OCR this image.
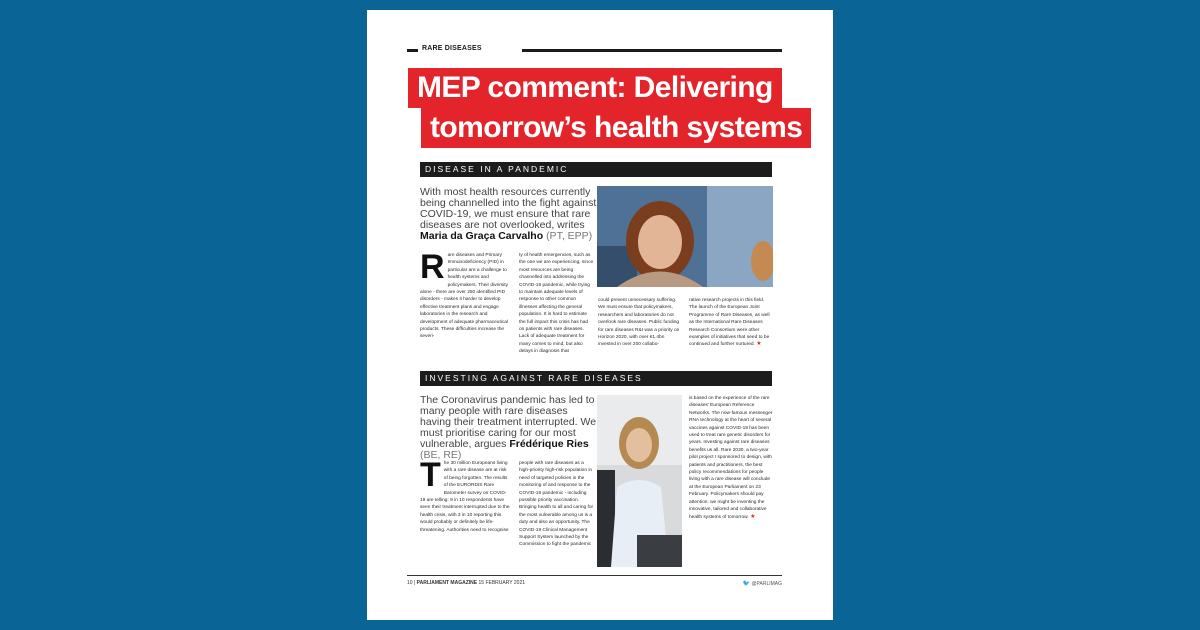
RARE DISEASES
MEP comment: Delivering
tomorrow’s health systems
DISEASE IN A PANDEMIC
With most health resources currently being channelled into the fight against COVID-19, we must ensure that rare diseases are not overlooked, writes Maria da Graça Carvalho (PT, EPP)
R are diseases and Primary Immunodeficiency (PID) in particular are a challenge to health systems and policymakers. Their diversity alone - there are over 250 identified PID disorders - makes it harder to develop effective treatment plans and engage laboratories in the research and development of adequate pharmaceutical products. These difficulties increase the severi-
ty of health emergencies, such as the one we are experiencing, since most resources are being channelled into addressing the COVID-19 pandemic, while trying to maintain adequate levels of response to other common illnesses affecting the general population. It is hard to estimate the full impact this crisis has had on patients with rare diseases. Lack of adequate treatment for many comes to mind, but also delays in diagnosis that
could prevent unnecessary suffering. We must ensure that policymakers, researchers and laboratories do not overlook rare diseases. Public funding for rare diseases R&I was a priority on Horizon 2020, with over €1.4bn invested in over 200 collabo-
rative research projects in this field. The launch of the European Joint Programme of Rare Diseases, as well as the International Rare Diseases Research Consortium were other examples of initiatives that need to be continued and further nurtured. ★
INVESTING AGAINST RARE DISEASES
The Coronavirus pandemic has led to many people with rare diseases having their treatment interrupted. We must prioritise caring for our most vulnerable, argues Frédérique Ries (BE, RE)
T he 30 million Europeans living with a rare disease are at risk of being forgotten. The results of the EURORDIS Rare Barometer survey on COVID-19 are telling: 9 in 10 respondents have seen their treatment interrupted due to the health crisis, with 3 in 10 reporting this would probably or definitely be life-threatening. Authorities need to recognise
people with rare diseases as a high-priority high-risk population in need of targeted policies in the monitoring of and response to the COVID-19 pandemic - including possible priority vaccination. Bringing health to all and caring for the most vulnerable among us is a duty and also an opportunity. The COVID-19 Clinical Management Support System launched by the Commission to fight the pandemic
is based on the experience of the rare diseases’ European Reference Networks. The now-famous messenger RNA technology at the heart of several vaccines against COVID-19 has been used to treat rare genetic disorders for years. Investing against rare diseases benefits us all. Rare 2030, a two-year pilot project I sponsored to design, with patients and practitioners, the best policy recommendations for people living with a rare disease will conclude at the European Parliament on 23 February. Policymakers should pay attention: we might be inventing the innovative, tailored and collaborative health systems of tomorrow. ★
10 | PARLIAMENT MAGAZINE 15 FEBRUARY 2021	🐦 @PARLIMAG
